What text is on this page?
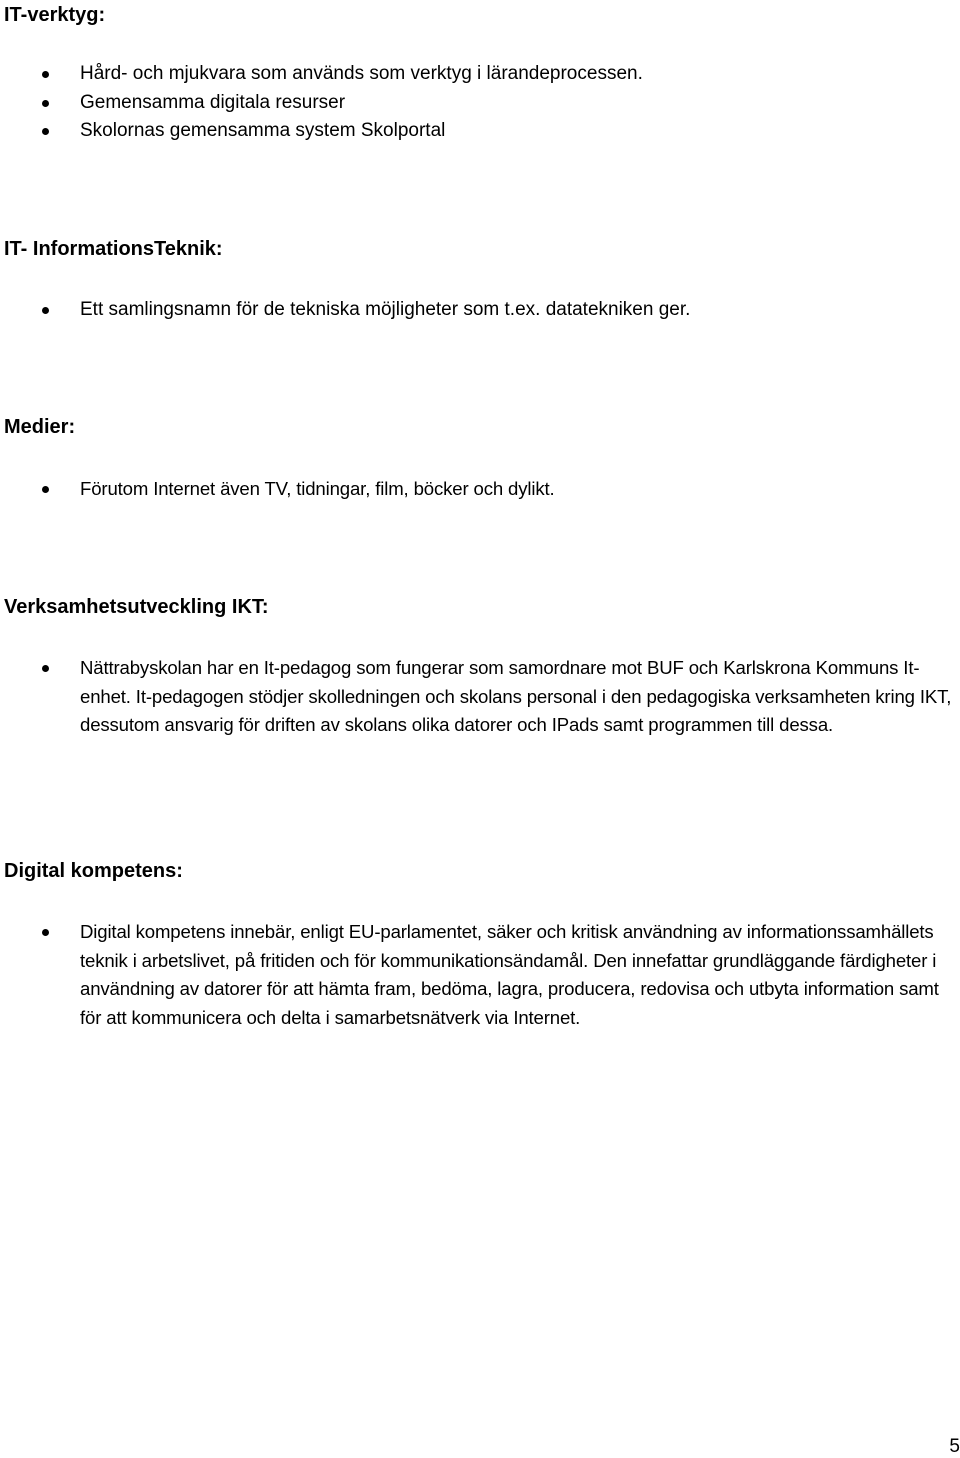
IT-verktyg:
Hård- och mjukvara som används som verktyg i lärandeprocessen.
Gemensamma digitala resurser
Skolornas gemensamma system Skolportal
IT- InformationsTeknik:
Ett samlingsnamn för de tekniska möjligheter som t.ex. datatekniken ger.
Medier:
Förutom Internet även TV, tidningar, film, böcker och dylikt.
Verksamhetsutveckling IKT:
Nättrabyskolan har en It-pedagog som fungerar som samordnare mot BUF och Karlskrona Kommuns It-enhet. It-pedagogen stödjer skolledningen och skolans personal i den pedagogiska verksamheten kring IKT, dessutom ansvarig för driften av skolans olika datorer och IPads samt programmen till dessa.
Digital kompetens:
Digital kompetens innebär, enligt EU-parlamentet, säker och kritisk användning av informationssamhällets teknik i arbetslivet, på fritiden och för kommunikationsändamål. Den innefattar grundläggande färdigheter i användning av datorer för att hämta fram, bedöma, lagra, producera, redovisa och utbyta information samt för att kommunicera och delta i samarbetsnätverk via Internet.
5
